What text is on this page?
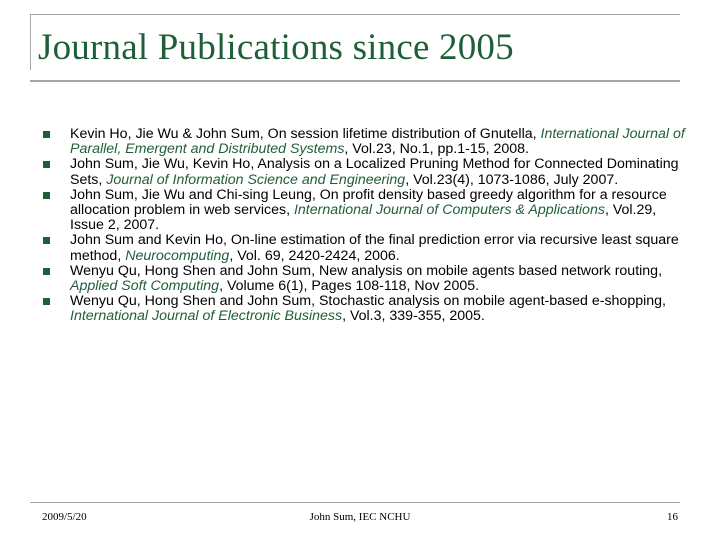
Journal Publications since 2005
Kevin Ho, Jie Wu & John Sum, On session lifetime distribution of Gnutella, International Journal of Parallel, Emergent and Distributed Systems, Vol.23, No.1, pp.1-15, 2008.
John Sum, Jie Wu, Kevin Ho, Analysis on a Localized Pruning Method for Connected Dominating Sets, Journal of Information Science and Engineering, Vol.23(4), 1073-1086, July 2007.
John Sum, Jie Wu and Chi-sing Leung, On profit density based greedy algorithm for a resource allocation problem in web services, International Journal of Computers & Applications, Vol.29, Issue 2, 2007.
John Sum and Kevin Ho, On-line estimation of the final prediction error via recursive least square method, Neurocomputing, Vol. 69, 2420-2424, 2006.
Wenyu Qu, Hong Shen and John Sum, New analysis on mobile agents based network routing, Applied Soft Computing, Volume 6(1), Pages 108-118, Nov 2005.
Wenyu Qu, Hong Shen and John Sum, Stochastic analysis on mobile agent-based e-shopping, International Journal of Electronic Business, Vol.3, 339-355, 2005.
2009/5/20	John Sum, IEC NCHU	16
